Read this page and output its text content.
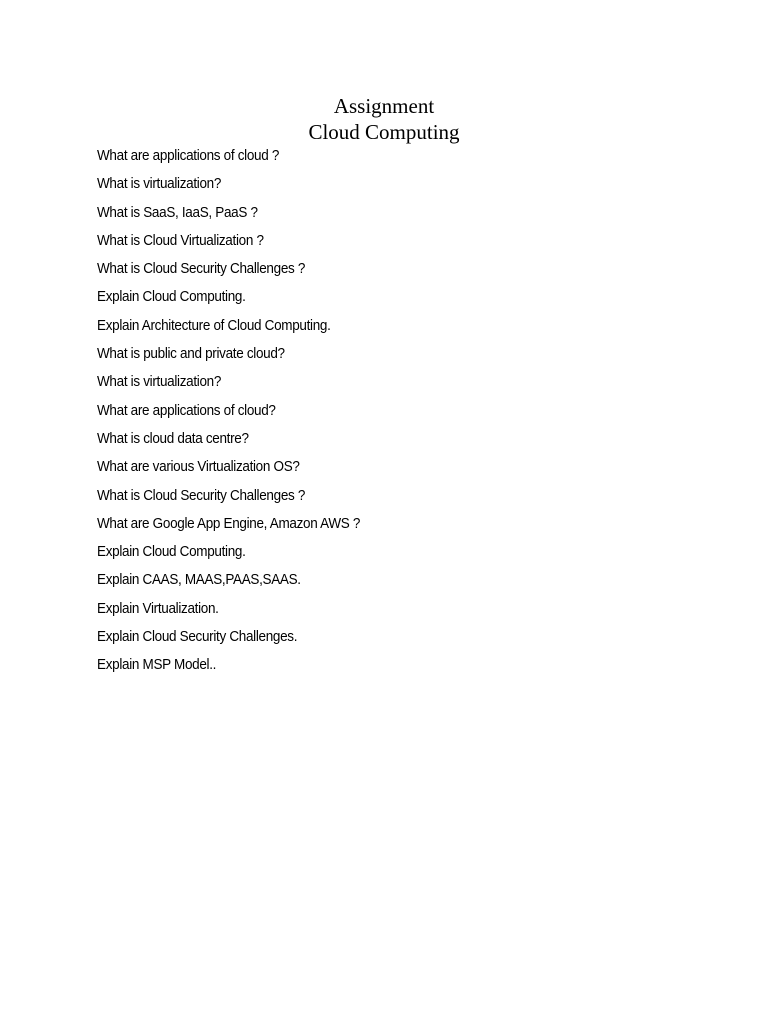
Assignment
Cloud Computing
What are applications of cloud ?
What is virtualization?
What is SaaS, IaaS, PaaS ?
What is Cloud Virtualization ?
What is Cloud Security Challenges ?
Explain Cloud Computing.
Explain Architecture of Cloud Computing.
What is public and private cloud?
What is virtualization?
What are applications of cloud?
What is cloud data centre?
What are various Virtualization OS?
What is Cloud Security Challenges ?
What are Google App Engine, Amazon AWS ?
Explain Cloud Computing.
Explain CAAS, MAAS,PAAS,SAAS.
Explain Virtualization.
Explain Cloud Security Challenges.
Explain MSP Model..
